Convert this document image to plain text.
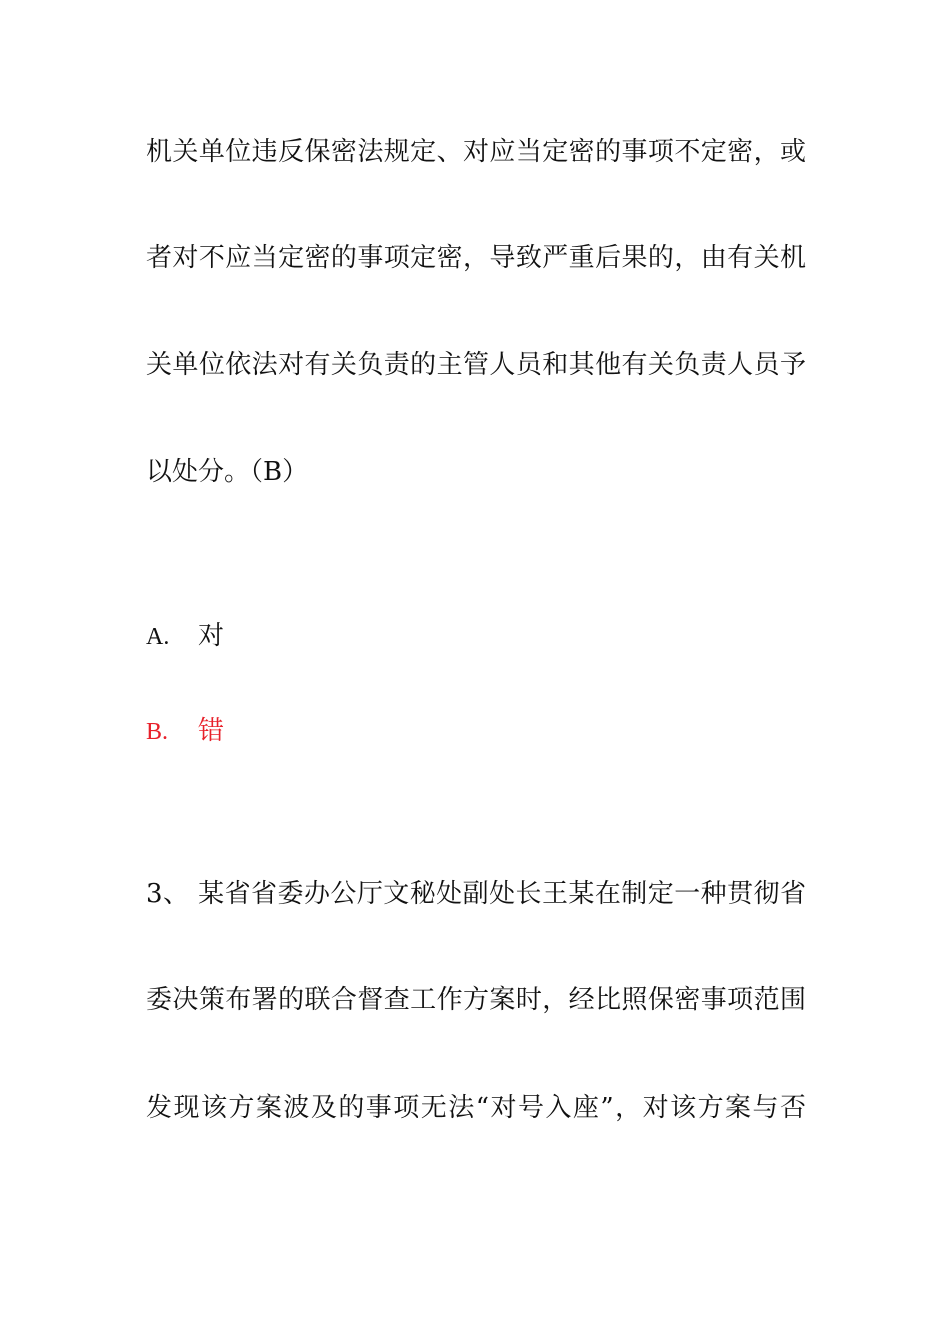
机关单位违反保密法规定、对应当定密的事项不定密，或
者对不应当定密的事项定密，导致严重后果的，由有关机
关单位依法对有关负责的主管人员和其他有关负责人员予
以处分。（B）
A. 对
B. 错
3、 某省省委办公厅文秘处副处长王某在制定一种贯彻省
委决策布署的联合督查工作方案时，经比照保密事项范围
发现该方案波及的事项无法“对号入座”，对该方案与否
